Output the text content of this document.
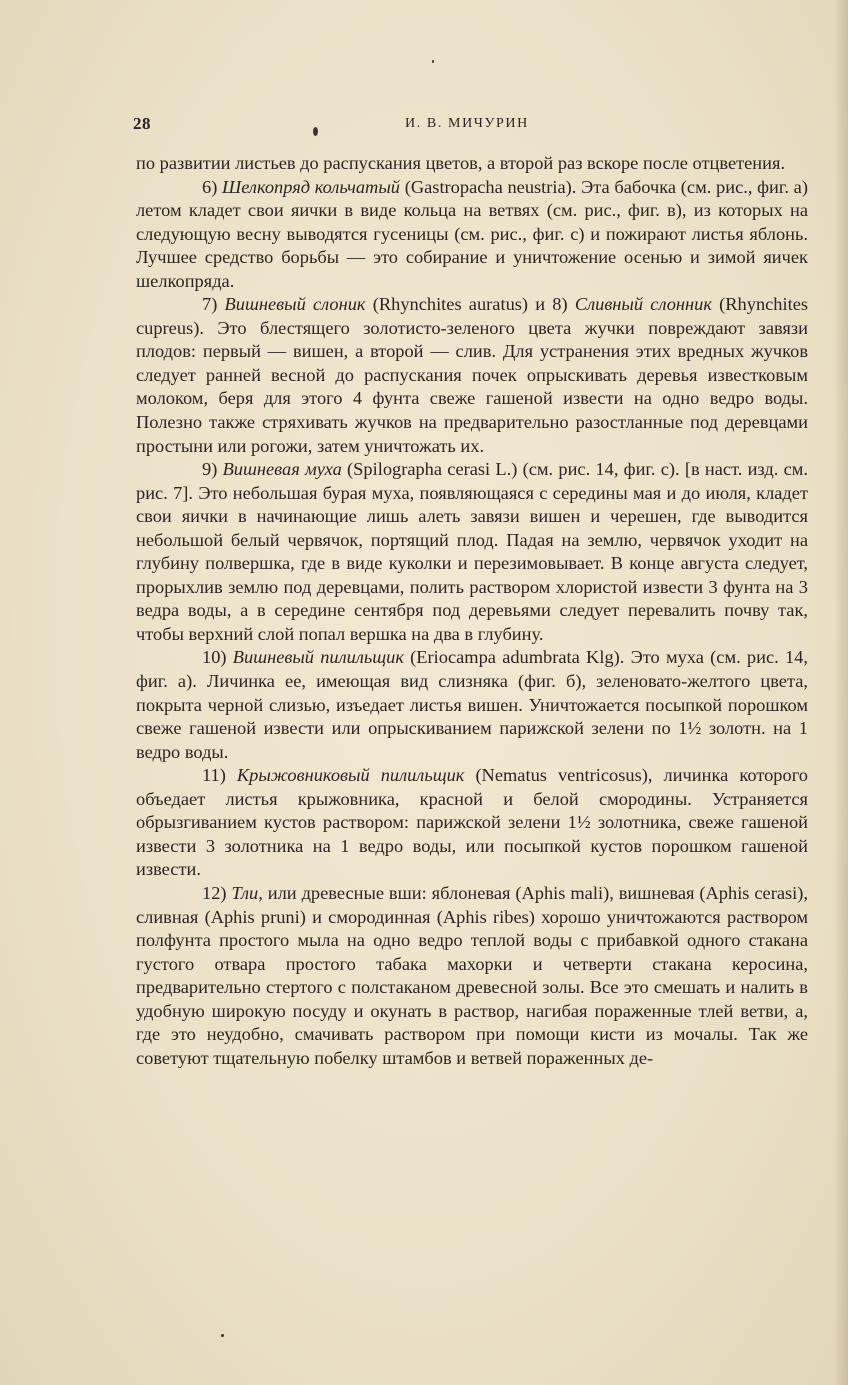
28	И. В. МИЧУРИН

по развитии листьев до распускания цветов, а второй раз вскоре после отцветения.

6) Шелкопряд кольчатый (Gastropacha neustria). Эта бабочка (см. рис., фиг. а) летом кладет свои яички в виде кольца на ветвях (см. рис., фиг. в), из которых на следующую весну выводятся гусеницы (см. рис., фиг. с) и пожирают листья яблонь. Лучшее средство борьбы — это собирание и уничтожение осенью и зимой яичек шелкопряда.

7) Вишневый слоник (Rhynchites auratus) и 8) Сливный слонник (Rhynchites cupreus). Это блестящего золотисто-зеленого цвета жучки повреждают завязи плодов: первый — вишен, а второй — слив. Для устранения этих вредных жучков следует ранней весной до распускания почек опрыскивать деревья известковым молоком, беря для этого 4 фунта свеже гашеной извести на одно ведро воды. Полезно также стряхивать жучков на предварительно разостланные под деревцами простыни или рогожи, затем уничтожать их.

9) Вишневая муха (Spilographa cerasi L.) (см. рис. 14, фиг. с). [в наст. изд. см. рис. 7]. Это небольшая бурая муха, появляющаяся с середины мая и до июля, кладет свои яички в начинающие лишь алеть завязи вишен и черешен, где выводится небольшой белый червячок, портящий плод. Падая на землю, червячок уходит на глубину полвершка, где в виде куколки и перезимовывает. В конце августа следует, прорыхлив землю под деревцами, полить раствором хлористой извести 3 фунта на 3 ведра воды, а в середине сентября под деревьями следует перевалить почву так, чтобы верхний слой попал вершка на два в глубину.

10) Вишневый пилильщик (Eriocampa adumbrata Klg). Это муха (см. рис. 14, фиг. а). Личинка ее, имеющая вид слизняка (фиг. б), зеленовато-желтого цвета, покрыта черной слизью, изъедает листья вишен. Уничтожается посыпкой порошком свеже гашеной извести или опрыскиванием парижской зелени по 1½ золотн. на 1 ведро воды.

11) Крыжовниковый пилильщик (Nematus ventricosus), личинка которого объедает листья крыжовника, красной и белой смородины. Устраняется обрызгиванием кустов раствором: парижской зелени 1½ золотника, свеже гашеной извести 3 золотника на 1 ведро воды, или посыпкой кустов порошком гашеной извести.

12) Тли, или древесные вши: яблоневая (Aphis mali), вишневая (Aphis cerasi), сливная (Aphis pruni) и смородинная (Aphis ribes) хорошо уничтожаются раствором полфунта простого мыла на одно ведро теплой воды с прибавкой одного стакана густого отвара простого табака махорки и четверти стакана керосина, предварительно стертого с полстаканом древесной золы. Все это смешать и налить в удобную широкую посуду и окунать в раствор, нагибая пораженные тлей ветви, а, где это неудобно, смачивать раствором при помощи кисти из мочалы. Так же советуют тщательную побелку штамбов и ветвей пораженных де-
